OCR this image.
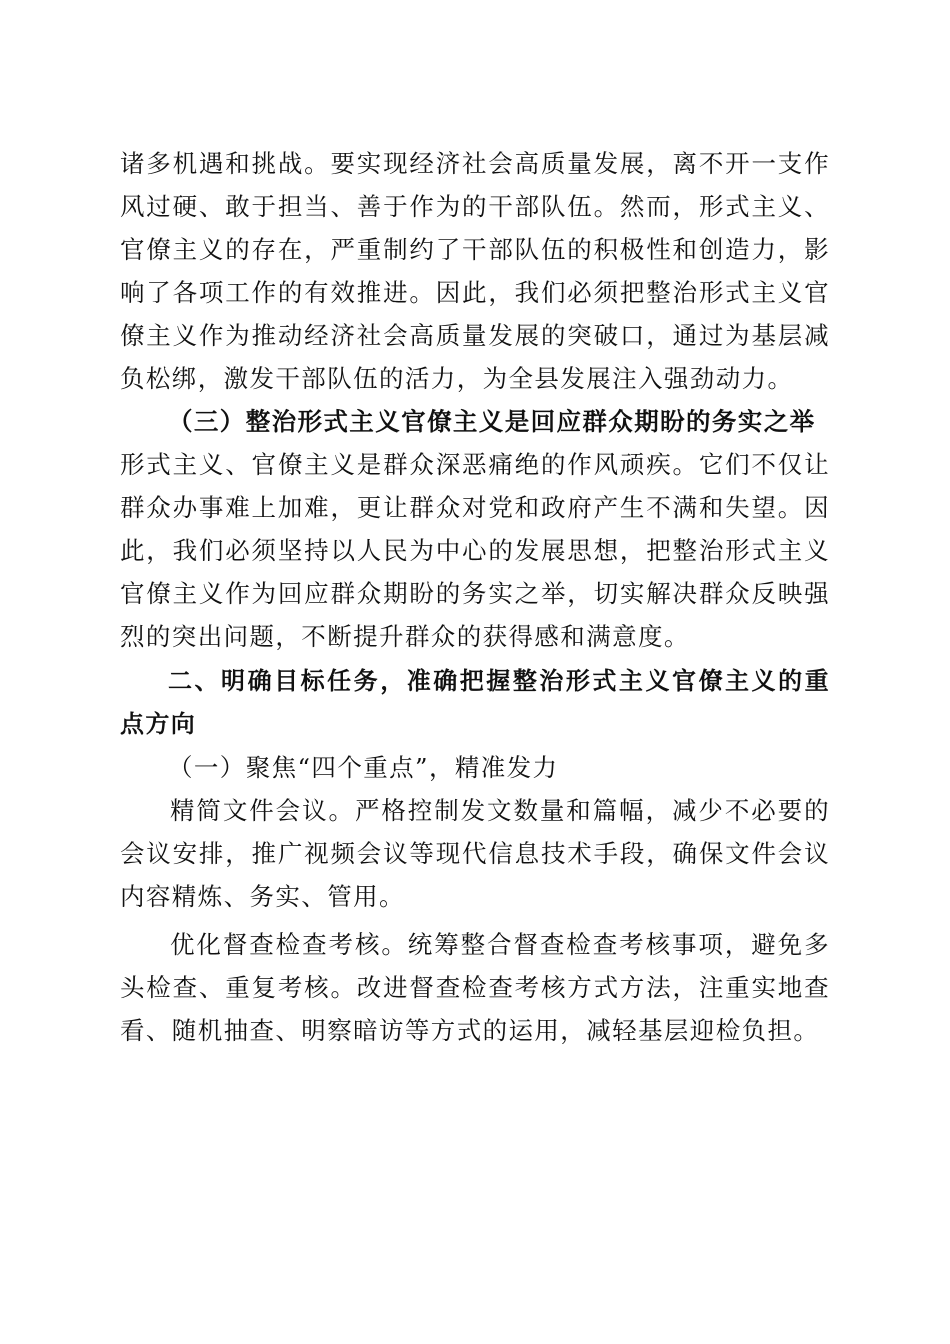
诸多机遇和挑战。要实现经济社会高质量发展，离不开一支作
风过硬、敢于担当、善于作为的干部队伍。然而，形式主义、
官僚主义的存在，严重制约了干部队伍的积极性和创造力，影
响了各项工作的有效推进。因此，我们必须把整治形式主义官
僚主义作为推动经济社会高质量发展的突破口，通过为基层减
负松绑，激发干部队伍的活力，为全县发展注入强劲动力。
（三）整治形式主义官僚主义是回应群众期盼的务实之举
形式主义、官僚主义是群众深恶痛绝的作风顽疾。它们不仅让
群众办事难上加难，更让群众对党和政府产生不满和失望。因
此，我们必须坚持以人民为中心的发展思想，把整治形式主义
官僚主义作为回应群众期盼的务实之举，切实解决群众反映强
烈的突出问题，不断提升群众的获得感和满意度。
二、明确目标任务，准确把握整治形式主义官僚主义的重
点方向
（一）聚焦“四个重点”，精准发力
精简文件会议。严格控制发文数量和篇幅，减少不必要的
会议安排，推广视频会议等现代信息技术手段，确保文件会议
内容精炼、务实、管用。
优化督查检查考核。统筹整合督查检查考核事项，避免多
头检查、重复考核。改进督查检查考核方式方法，注重实地查
看、随机抽查、明察暗访等方式的运用，减轻基层迎检负担。
